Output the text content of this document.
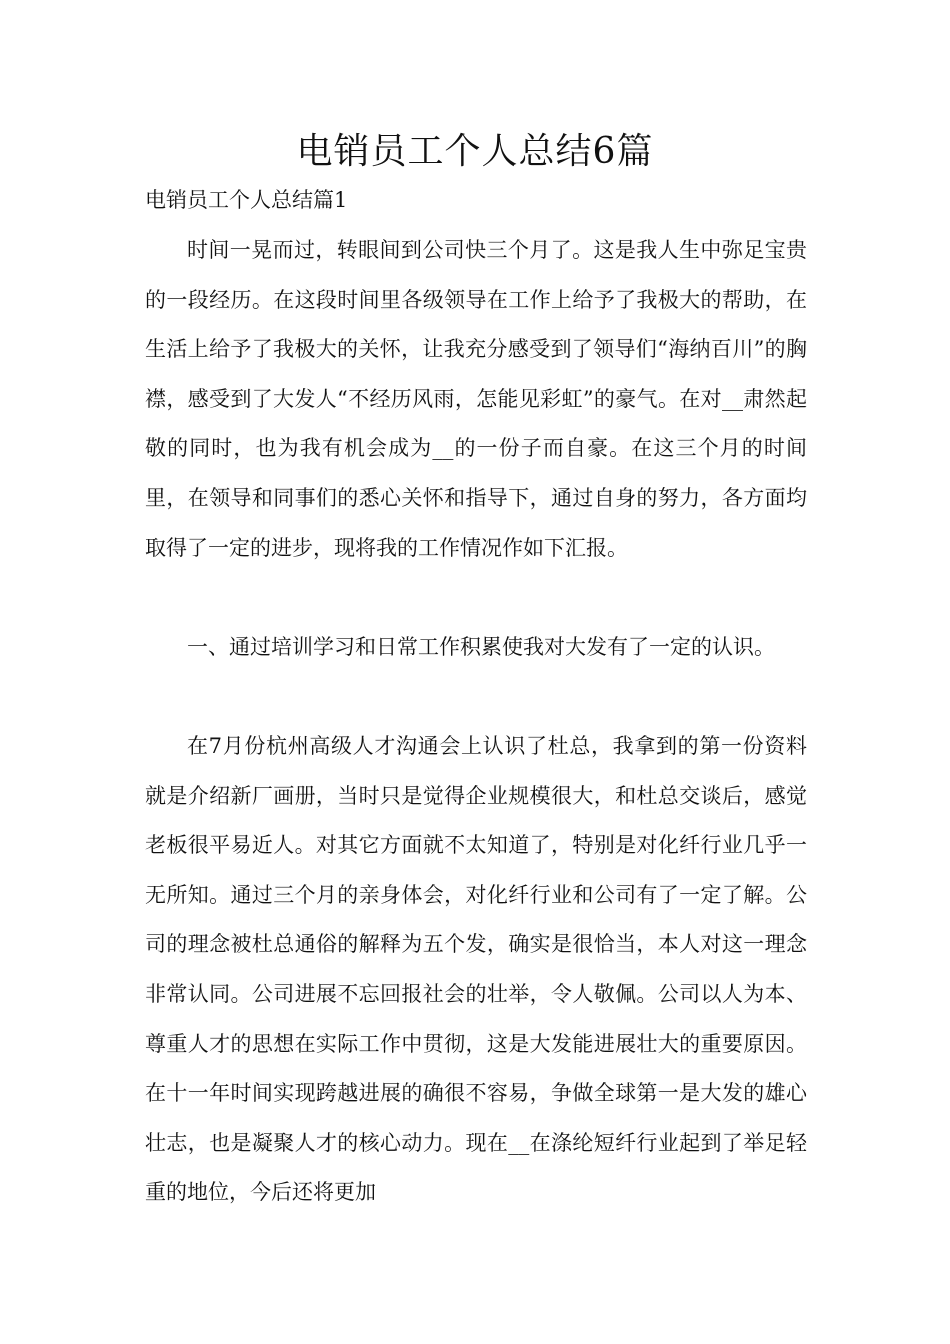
电销员工个人总结6篇

电销员工个人总结篇1

时间一晃而过，转眼间到公司快三个月了。这是我人生中弥足宝贵的一段经历。在这段时间里各级领导在工作上给予了我极大的帮助，在生活上给予了我极大的关怀，让我充分感受到了领导们“海纳百川”的胸襟，感受到了大发人“不经历风雨，怎能见彩虹”的豪气。在对__肃然起敬的同时，也为我有机会成为__的一份子而自豪。在这三个月的时间里，在领导和同事们的悉心关怀和指导下，通过自身的努力，各方面均取得了一定的进步，现将我的工作情况作如下汇报。

一、通过培训学习和日常工作积累使我对大发有了一定的认识。

在7月份杭州高级人才沟通会上认识了杜总，我拿到的第一份资料就是介绍新厂画册，当时只是觉得企业规模很大，和杜总交谈后，感觉老板很平易近人。对其它方面就不太知道了，特别是对化纤行业几乎一无所知。通过三个月的亲身体会，对化纤行业和公司有了一定了解。公司的理念被杜总通俗的解释为五个发，确实是很恰当，本人对这一理念非常认同。公司进展不忘回报社会的壮举，令人敬佩。公司以人为本、尊重人才的思想在实际工作中贯彻，这是大发能进展壮大的重要原因。在十一年时间实现跨越进展的确很不容易，争做全球第一是大发的雄心壮志，也是凝聚人才的核心动力。现在__在涤纶短纤行业起到了举足轻重的地位，今后还将更加
